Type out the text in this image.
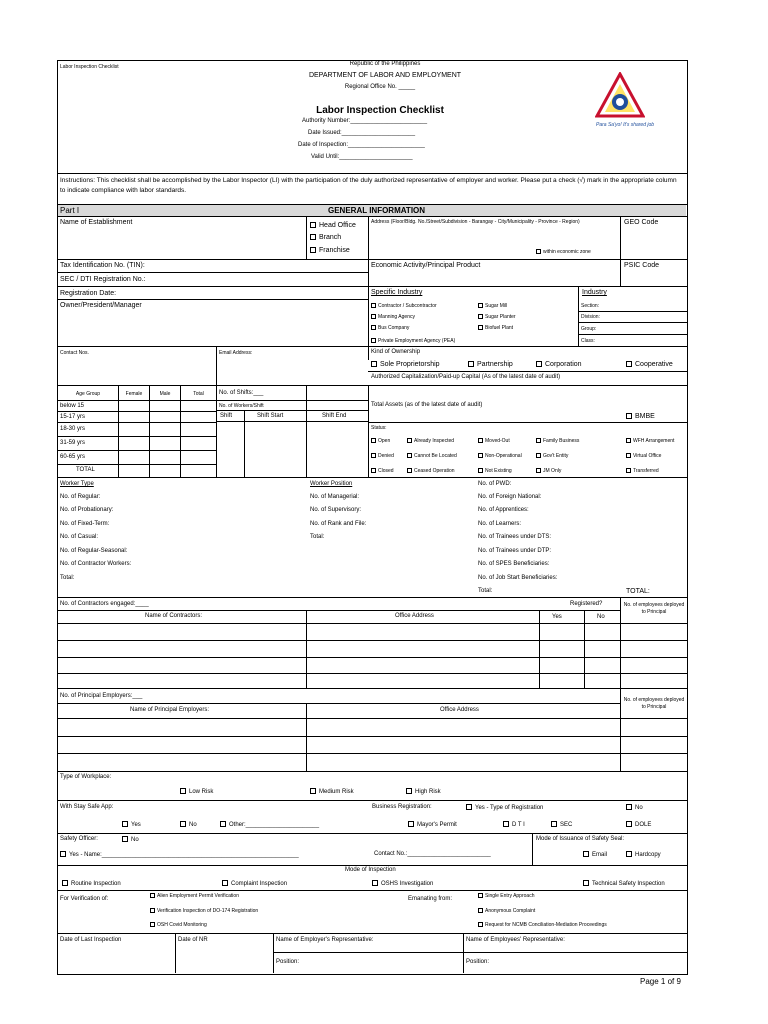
Labor Inspection Checklist	Republic of the Philippines
DEPARTMENT OF LABOR AND EMPLOYMENT
Regional Office No. _____
Labor Inspection Checklist
Authority Number:_______________________
Date Issued:______________________
Date of Inspection:_______________________
Valid Until:______________________
Para Sa'yo! It's shared job
Instructions: This checklist shall be accomplished by the Labor Inspector (LI) with the participation of the duly authorized representative of employer and worker. Please put a check (√) mark in the appropriate column to indicate compliance with labor standards.
Part I	GENERAL INFORMATION
Name of Establishment	Head Office
Branch
Franchise
Address (Floor/Bldg. No./Street/Subdivision - Barangay - City/Municipality - Province - Region)
within economic zone
GEO Code
Tax Identification No. (TIN):	Economic Activity/Principal Product	PSIC Code
SEC / DTI Registration No.:
Registration Date:
Owner/President/Manager
Specific Industry	Industry
Contractor / Subcontractor	Sugar Mill
Manning Agency	Sugar Planter
Bus Company	Biofuel Plant
Private Employment Agency (PEA)
Section:
Division:
Group:
Class:
Contact Nos.	Email Address:	Kind of Ownership
Sole Proprietorship	Partnership	Corporation	Cooperative
Authorized Capitalization/Paid-up Capital (As of the latest date of audit)
Age Group	Female	Male	Total	No. of Shifts:___
No. of Workers/Shift
Shift	Shift Start	Shift End
below 15
15-17 yrs
18-30 yrs
31-59 yrs
60-65 yrs
TOTAL
Total Assets (as of the latest date of audit)
BMBE
Status:
Open	Already Inspected	Moved-Out	Family Business	WFH Arrangement
Denied	Cannot Be Located	Non-Operational	Gov't Entity	Virtual Office
Closed	Ceased Operation	Not Existing	JM Only	Transferred
Worker Type
No. of Regular:
No. of Probationary:
No. of Fixed-Term:
No. of Casual:
No. of Regular-Seasonal:
No. of Contractor Workers:
Total:
Worker Position
No. of Managerial:
No. of Supervisory:
No. of Rank and File:
Total:
No. of PWD:
No. of Foreign National:
No. of Apprentices:
No. of Learners:
No. of Trainees under DTS:
No. of Trainees under DTP:
No. of SPES Beneficiaries:
No. of Job Start Beneficiaries:
Total:	TOTAL:
No. of Contractors engaged:____	Registered?
Name of Contractors:	Office Address	Yes	No
No. of employees deployed to Principal
No. of Principal Employers:___
Name of Principal Employers:	Office Address
No. of employees deployed to Principal
Type of Workplace:
Low Risk	Medium Risk	High Risk
With Stay Safe App:
Yes	No	Other:______________________
Business Registration:	Yes - Type of Registration	No
Mayor's Permit	D T I	SEC	DOLE
Safety Officer:	No
Yes - Name:___________________________________________________________	Contact No.:_________________________
Mode of Issuance of Safety Seal:
Email	Hardcopy
Mode of Inspection
Routine Inspection	Complaint Inspection	OSHS Investigation	Technical Safety Inspection
For Verification of:	Alien Employment Permit Verification
Verification Inspection of DO-174 Registration
OSH Covid Monitoring
Emanating from:	Single Entry Approach
Anonymous Complaint
Request for NCMB Conciliation-Mediation Proceedings
Date of Last Inspection	Date of NR	Name of Employer's Representative:	Name of Employees' Representative:
Position:	Position:
Page 1 of 9
